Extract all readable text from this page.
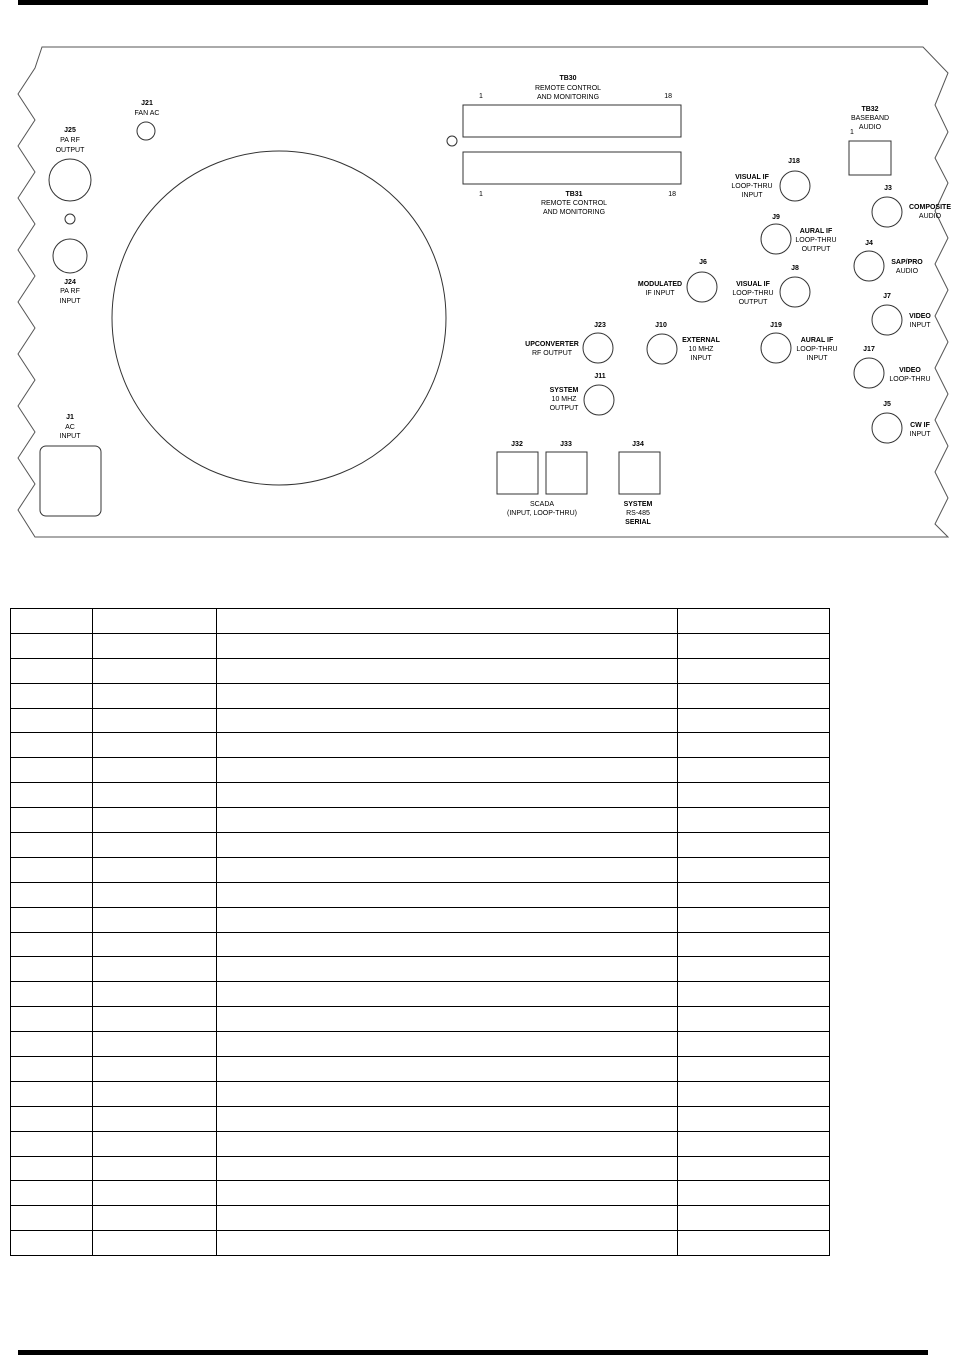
TB30
REMOTE CONTROL
AND MONITORING
1	18
1	18
TB31
REMOTE CONTROL
AND MONITORING
TB32
BASEBAND
AUDIO
1
J21
FAN AC
J25
PA RF
OUTPUT
J24
PA RF
INPUT
J1
AC
INPUT
J18
VISUAL IF
LOOP-THRU
INPUT
J9
AURAL IF
LOOP-THRU
OUTPUT
J6
MODULATED
IF INPUT
J8
VISUAL IF
LOOP-THRU
OUTPUT
J23
UPCONVERTER
RF OUTPUT
J10
EXTERNAL
10 MHZ
INPUT
J19
AURAL IF
LOOP-THRU
INPUT
J11
SYSTEM
10 MHZ
OUTPUT
J3
COMPOSITE
AUDIO
J4
SAP/PRO
AUDIO
J7
VIDEO
INPUT
J17
VIDEO
LOOP-THRU
J5
CW IF
INPUT
J32	J33
SCADA
(INPUT, LOOP-THRU)
J34
SYSTEM
RS-485
SERIAL
